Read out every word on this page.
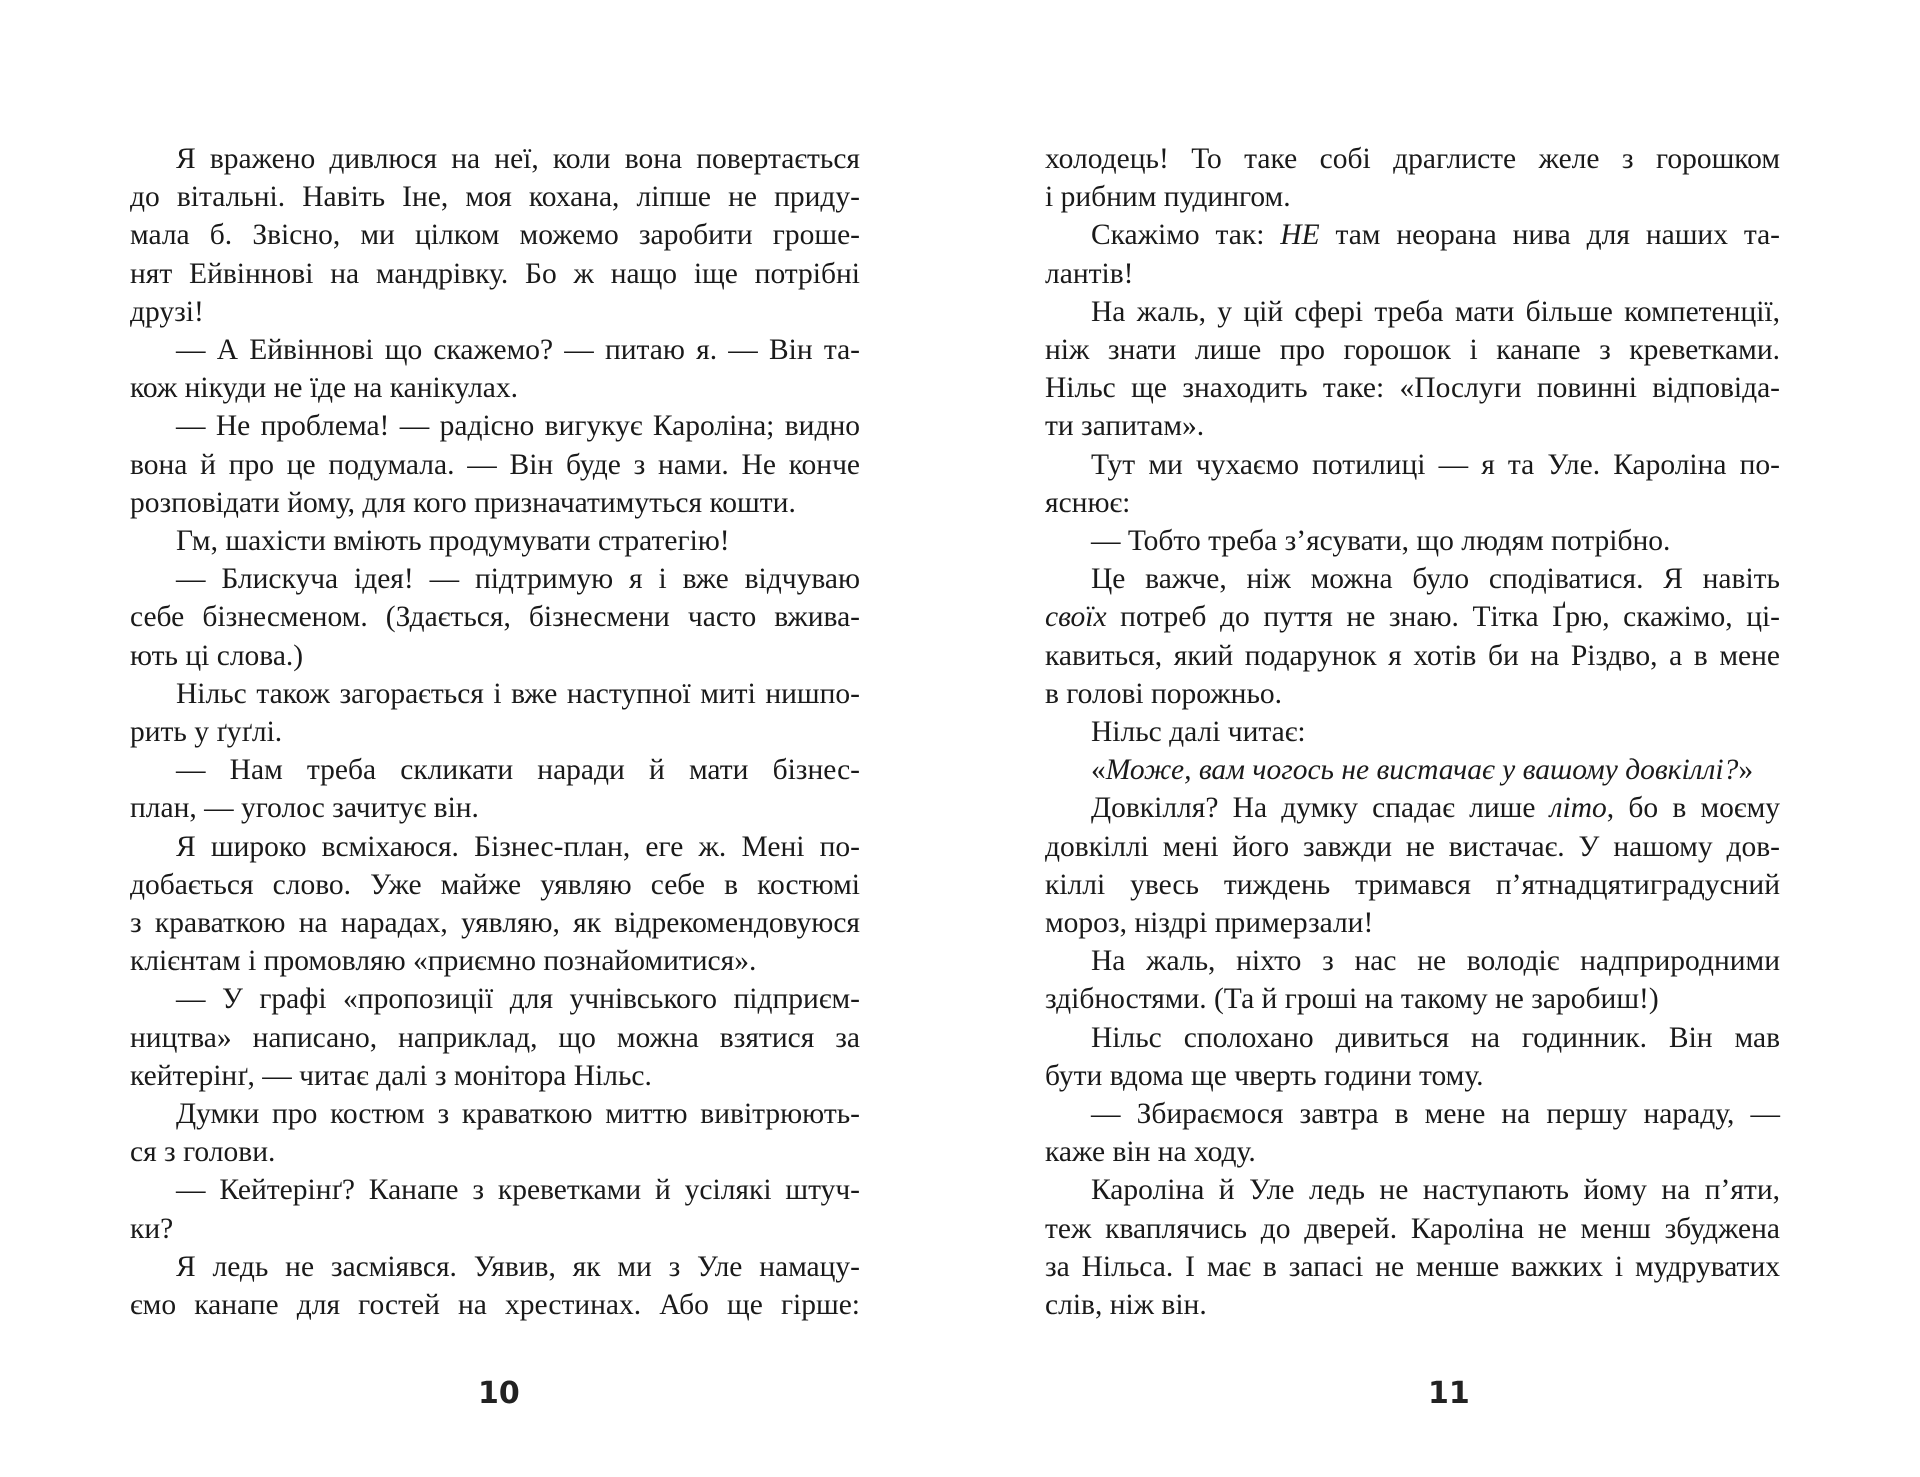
Я вражено дивлюся на неї, коли вона повертається
до вітальні. Навіть Іне, моя кохана, ліпше не приду-
мала б. Звісно, ми цілком можемо заробити грошe-
нят Ейвіннові на мандрівку. Бо ж нащо іще потрібні
друзі!
— А Ейвіннові що скажемо? — питаю я. — Він та-
кож нікуди не їде на канікулах.
— Не проблема! — радісно вигукує Кароліна; видно
вона й про це подумала. — Він буде з нами. Не конче
розповідати йому, для кого призначатимуться кошти.
Гм, шахісти вміють продумувати стратегію!
— Блискуча ідея! — підтримую я і вже відчуваю
себе бізнесменом. (Здається, бізнесмени часто вжива-
ють ці слова.)
Нільс також загорається і вже наступної миті нишпо-
рить у ґуґлі.
— Нам треба скликати наради й мати бізнес-
план, — уголос зачитує він.
Я широко всміхаюся. Бізнес-план, еге ж. Мені по-
добається слово. Уже майже уявляю себе в костюмі
з краваткою на нарадах, уявляю, як відрекомендовуюся
клієнтам і промовляю «приємно познайомитися».
— У графі «пропозиції для учнівського підприєм-
ництва» написано, наприклад, що можна взятися за
кейтерінґ, — читає далі з монітора Нільс.
Думки про костюм з краваткою миттю вивітрюють-
ся з голови.
— Кейтерінґ? Канапе з креветками й усілякі штуч-
ки?
Я ледь не засміявся. Уявив, як ми з Уле намацу-
ємо канапе для гостей на хрестинах. Або ще гірше:
10
холодець! То таке собі драглисте желе з горошком
і рибним пудингом.
Скажімо так: НЕ там неорана нива для наших та-
лантів!
На жаль, у цій сфері треба мати більше компетенції,
ніж знати лише про горошок і канапе з креветками.
Нільс ще знаходить таке: «Послуги повинні відповіда-
ти запитам».
Тут ми чухаємо потилиці — я та Уле. Кароліна по-
яснює:
— Тобто треба з’ясувати, що людям потрібно.
Це важче, ніж можна було сподіватися. Я навіть
своїх потреб до пуття не знаю. Тітка Ґрю, скажімо, ці-
кавиться, який подарунок я хотів би на Різдво, а в мене
в голові порожньо.
Нільс далі читає:
«Може, вам чогось не вистачає у вашому довкіллі?»
Довкілля? На думку спадає лише літо, бо в моєму
довкіллі мені його завжди не вистачає. У нашому дов-
кіллі увесь тиждень тримався п’ятнадцятиградусний
мороз, ніздрі примерзали!
На жаль, ніхто з нас не володіє надприродними
здібностями. (Та й гроші на такому не заробиш!)
Нільс сполохано дивиться на годинник. Він мав
бути вдома ще чверть години тому.
— Збираємося завтра в мене на першу нараду, —
каже він на ходу.
Кароліна й Уле ледь не наступають йому на п’яти,
теж кваплячись до дверей. Кароліна не менш збуджена
за Нільса. І має в запасі не менше важких і мудруватих
слів, ніж він.
11
